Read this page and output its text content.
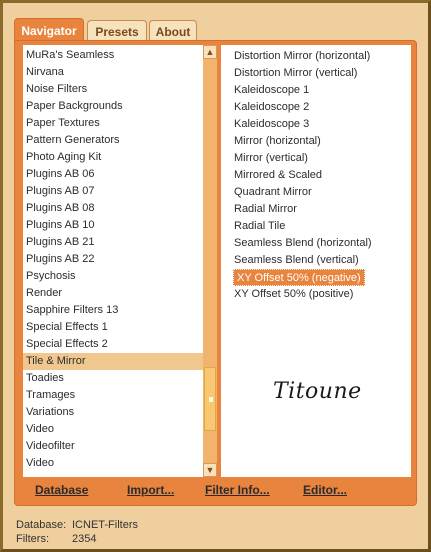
Navigator	Presets	About
MuRa's Seamless
Nirvana
Noise Filters
Paper Backgrounds
Paper Textures
Pattern Generators
Photo Aging Kit
Plugins AB 06
Plugins AB 07
Plugins AB 08
Plugins AB 10
Plugins AB 21
Plugins AB 22
Psychosis
Render
Sapphire Filters 13
Special Effects 1
Special Effects 2
Tile & Mirror
Toadies
Tramages
Variations
Video
Videofilter
Video
▲
▼
Distortion Mirror (horizontal)
Distortion Mirror (vertical)
Kaleidoscope 1
Kaleidoscope 2
Kaleidoscope 3
Mirror (horizontal)
Mirror (vertical)
Mirrored & Scaled
Quadrant Mirror
Radial Mirror
Radial Tile
Seamless Blend (horizontal)
Seamless Blend (vertical)
XY Offset 50% (negative)
XY Offset 50% (positive)
Titoune
Database	Import...	Filter Info...	Editor...
Database: ICNET-Filters
Filters: 2354
